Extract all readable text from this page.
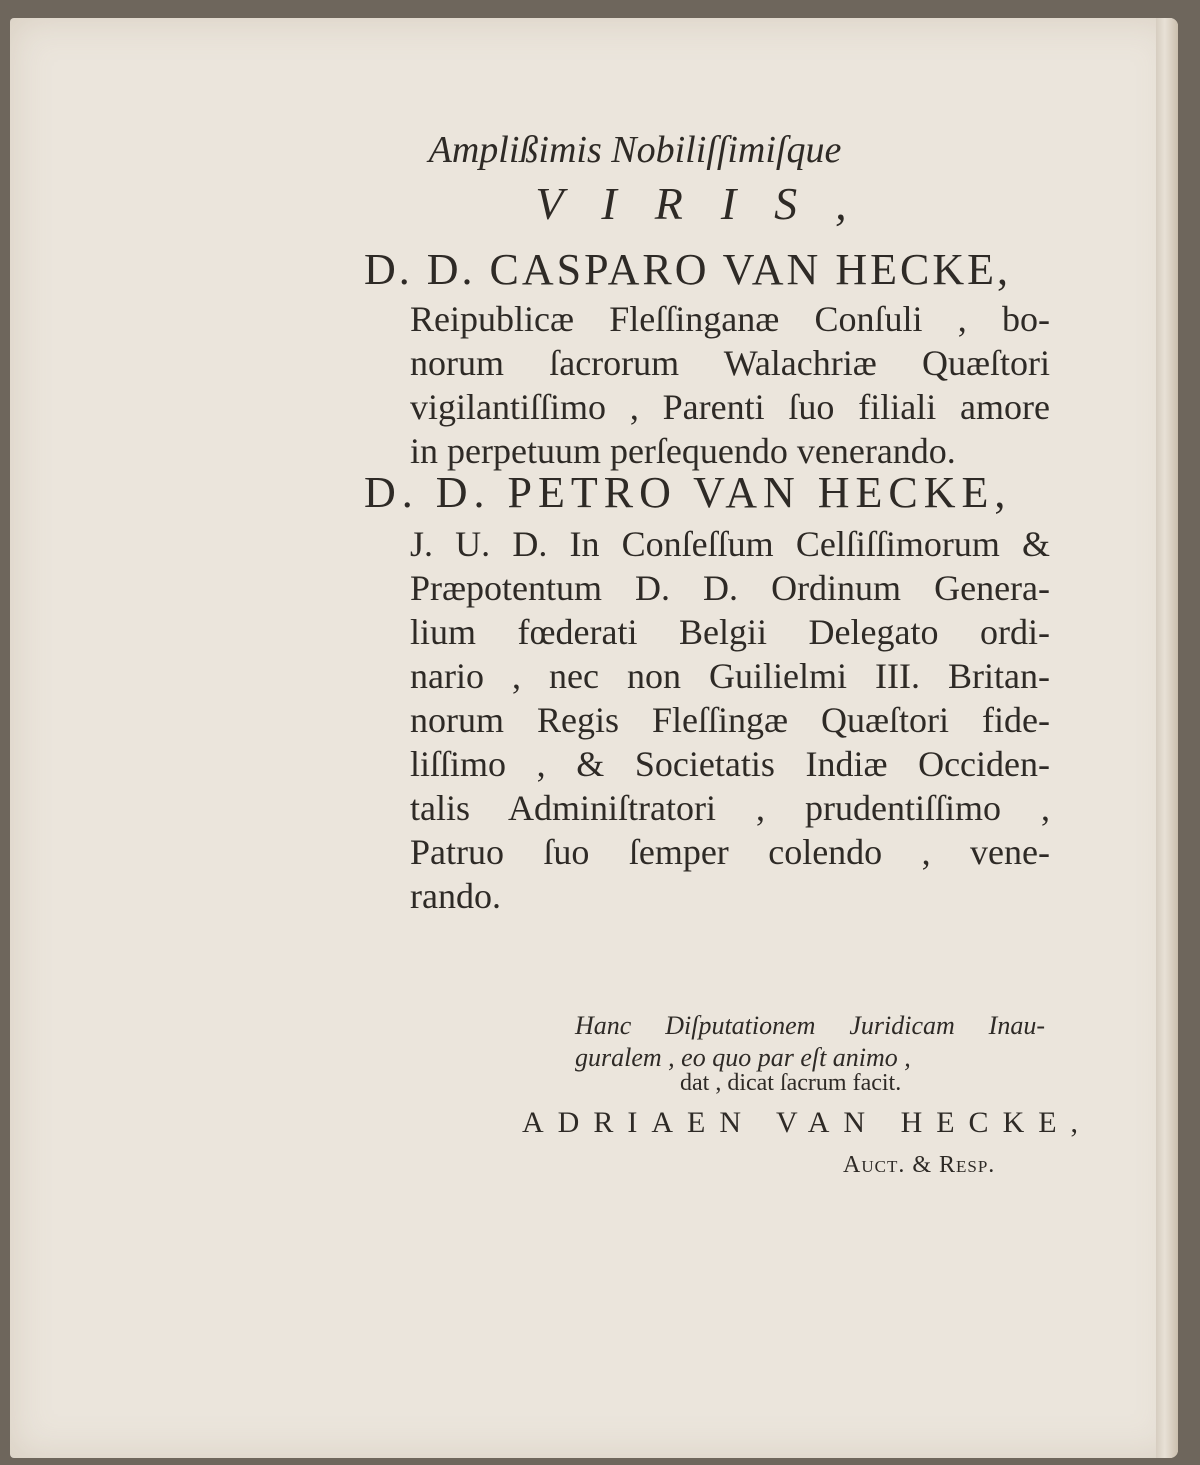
Amplißimis Nobiliſſimiſque
VIRIS,
D. D. CASPARO VAN HECKE,
Reipublicæ Fleſſinganæ Conſuli , bo-
norum ſacrorum Walachriæ Quæſtori
vigilantiſſimo , Parenti ſuo filiali amore
in perpetuum perſequendo venerando.
D. D. PETRO VAN HECKE,
J. U. D. In Conſeſſum Celſiſſimorum &
Præpotentum D. D. Ordinum Genera-
lium fœderati Belgii Delegato ordi-
nario , nec non Guilielmi III. Britan-
norum Regis Fleſſingæ Quæſtori fide-
liſſimo , & Societatis Indiæ Occiden-
talis Adminiſtratori , prudentiſſimo ,
Patruo ſuo ſemper colendo , vene-
rando.
Hanc Diſputationem Juridicam Inau-
guralem , eo quo par eſt animo ,
dat , dicat ſacrum facit.
ADRIAEN VAN HECKE,
Auct. & Resp.
